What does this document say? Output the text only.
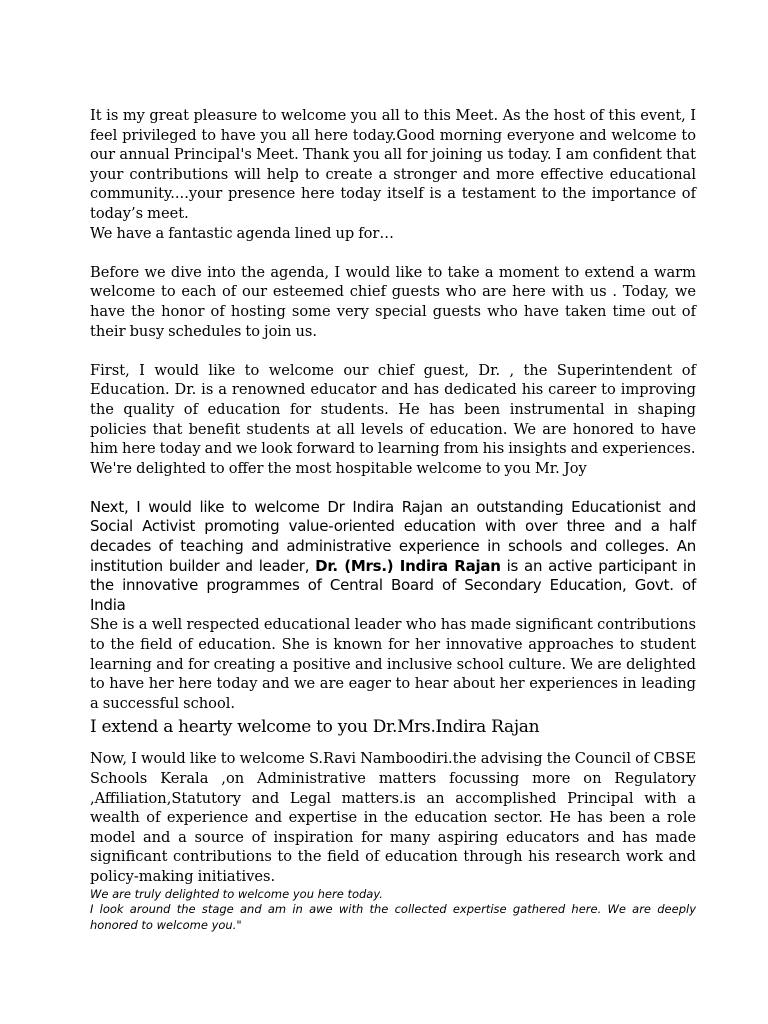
It is my great pleasure to welcome you all to this Meet. As the host of this event, I feel privileged to have you all here today.Good morning everyone and welcome to our annual Principal's Meet. Thank you all for joining us today. I am confident that your contributions will help to create a stronger and more effective educational community....your presence here today itself is a testament to the importance of today’s meet.

We have a fantastic agenda lined up for…

Before we dive into the agenda, I would like to take a moment to extend a warm welcome to each of our esteemed chief guests who are here with us . Today, we have the honor of hosting some very special guests who have taken time out of their busy schedules to join us.

First, I would like to welcome our chief guest, Dr. , the Superintendent of Education. Dr. is a renowned educator and has dedicated his career to improving the quality of education for students. He has been instrumental in shaping policies that benefit students at all levels of education. We are honored to have him here today and we look forward to learning from his insights and experiences.

We're delighted to offer the most hospitable welcome to you Mr. Joy

Next, I would like to welcome Dr Indira Rajan an outstanding Educationist and Social Activist promoting value-oriented education with over three and a half decades of teaching and administrative experience in schools and colleges. An institution builder and leader, Dr. (Mrs.) Indira Rajan is an active participant in the innovative programmes of Central Board of Secondary Education, Govt. of India

She is a well respected educational leader who has made significant contributions to the field of education. She is known for her innovative approaches to student learning and for creating a positive and inclusive school culture. We are delighted to have her here today and we are eager to hear about her experiences in leading a successful school.

I extend a hearty welcome to you Dr.Mrs.Indira Rajan

Now, I would like to welcome S.Ravi Namboodiri.the advising the Council of CBSE Schools Kerala ,on Administrative matters focussing more on Regulatory ,Affiliation,Statutory and Legal matters.is an accomplished Principal with a wealth of experience and expertise in the education sector. He has been a role model and a source of inspiration for many aspiring educators and has made significant contributions to the field of education through his research work and policy-making initiatives.

We are truly delighted to welcome you here today.

I look around the stage and am in awe with the collected expertise gathered here. We are deeply honored to welcome you."
